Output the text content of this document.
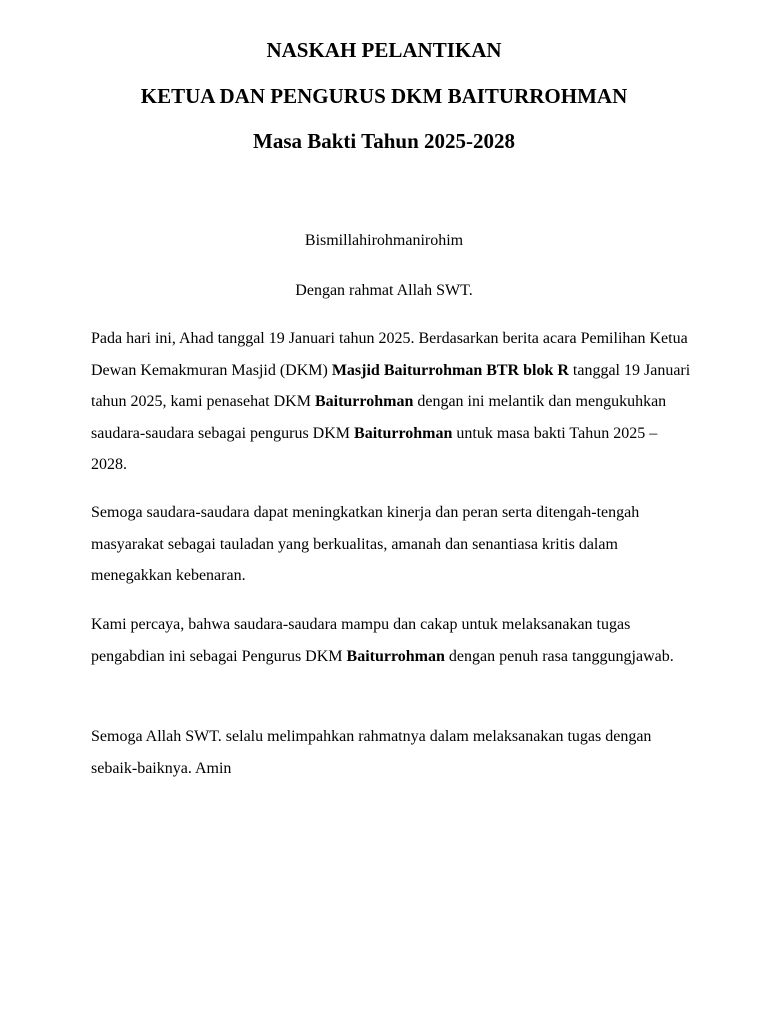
NASKAH PELANTIKAN
KETUA DAN PENGURUS DKM BAITURROHMAN
Masa Bakti Tahun 2025-2028

Bismillahirohmanirohim

Dengan rahmat Allah SWT.

Pada hari ini, Ahad tanggal 19 Januari tahun 2025. Berdasarkan berita acara Pemilihan Ketua Dewan Kemakmuran Masjid (DKM) Masjid Baiturrohman BTR blok R tanggal 19 Januari tahun 2025, kami penasehat DKM Baiturrohman dengan ini melantik dan mengukuhkan saudara-saudara sebagai pengurus DKM Baiturrohman untuk masa bakti Tahun 2025 – 2028.

Semoga saudara-saudara dapat meningkatkan kinerja dan peran serta ditengah-tengah masyarakat sebagai tauladan yang berkualitas, amanah dan senantiasa kritis dalam menegakkan kebenaran.

Kami percaya, bahwa saudara-saudara mampu dan cakap untuk melaksanakan tugas pengabdian ini sebagai Pengurus DKM Baiturrohman dengan penuh rasa tanggungjawab.

Semoga Allah SWT. selalu melimpahkan rahmatnya dalam melaksanakan tugas dengan sebaik-baiknya. Amin
